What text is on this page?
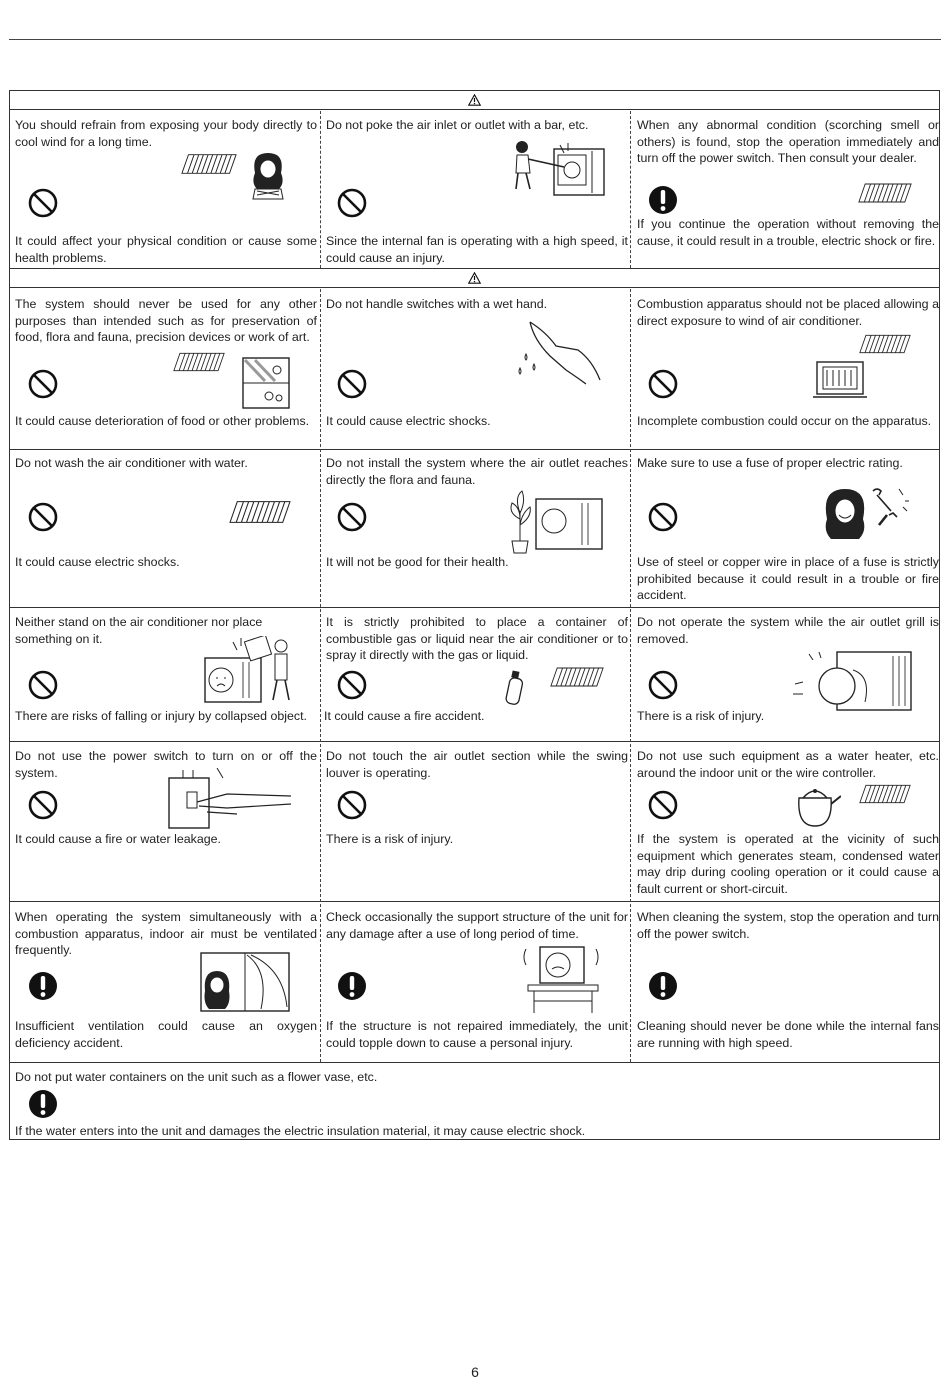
You should refrain from exposing your body directly to cool wind for a long time.

It could affect your physical condition or cause some health problems.

Do not poke the air inlet or outlet with a bar, etc.

Since the internal fan is operating with a high speed, it could cause an injury.

When any abnormal condition (scorching smell or others) is found, stop the operation immediately and turn off the power switch. Then consult your dealer.

If you continue the operation without removing the cause, it could result in a trouble, electric shock or fire.

The system should never be used for any other purposes than intended such as for preservation of food, flora and fauna, precision devices or work of art.

It could cause deterioration of food or other problems.

Do not handle switches with a wet hand.

It could cause electric shocks.

Combustion apparatus should not be placed allowing a direct exposure to wind of air conditioner.

Incomplete combustion could occur on the apparatus.

Do not wash the air conditioner with water.

It could cause electric shocks.

Do not install the system where the air outlet reaches directly the flora and fauna.

It will not be good for their health.

Make sure to use a fuse of proper electric rating.

Use of steel or copper wire in place of a fuse is strictly prohibited because it could result in a trouble or fire accident.

Neither stand on the air conditioner nor place something on it.

There are risks of falling or injury by collapsed object.

It is strictly prohibited to place a container of combustible gas or liquid near the air conditioner or to spray it directly with the gas or liquid.

It could cause a fire accident.

Do not operate the system while the air outlet grill is removed.

There is a risk of injury.

Do not use the power switch to turn on or off the system.

It could cause a fire or water leakage.

Do not touch the air outlet section while the swing louver is operating.

There is a risk of injury.

Do not use such equipment as a water heater, etc. around the indoor unit or the wire controller.

If the system is operated at the vicinity of such equipment which generates steam, condensed water may drip during cooling operation or it could cause a fault current or short-circuit.

When operating the system simultaneously with a combustion apparatus, indoor air must be ventilated frequently.

Insufficient ventilation could cause an oxygen deficiency accident.

Check occasionally the support structure of the unit for any damage after a use of long period of time.

If the structure is not repaired immediately, the unit could topple down to cause a personal injury.

When cleaning the system, stop the operation and turn off the power switch.

Cleaning should never be done while the internal fans are running with high speed.

Do not put water containers on the unit such as a flower vase, etc.

If the water enters into the unit and damages the electric insulation material, it may cause electric shock.

6
